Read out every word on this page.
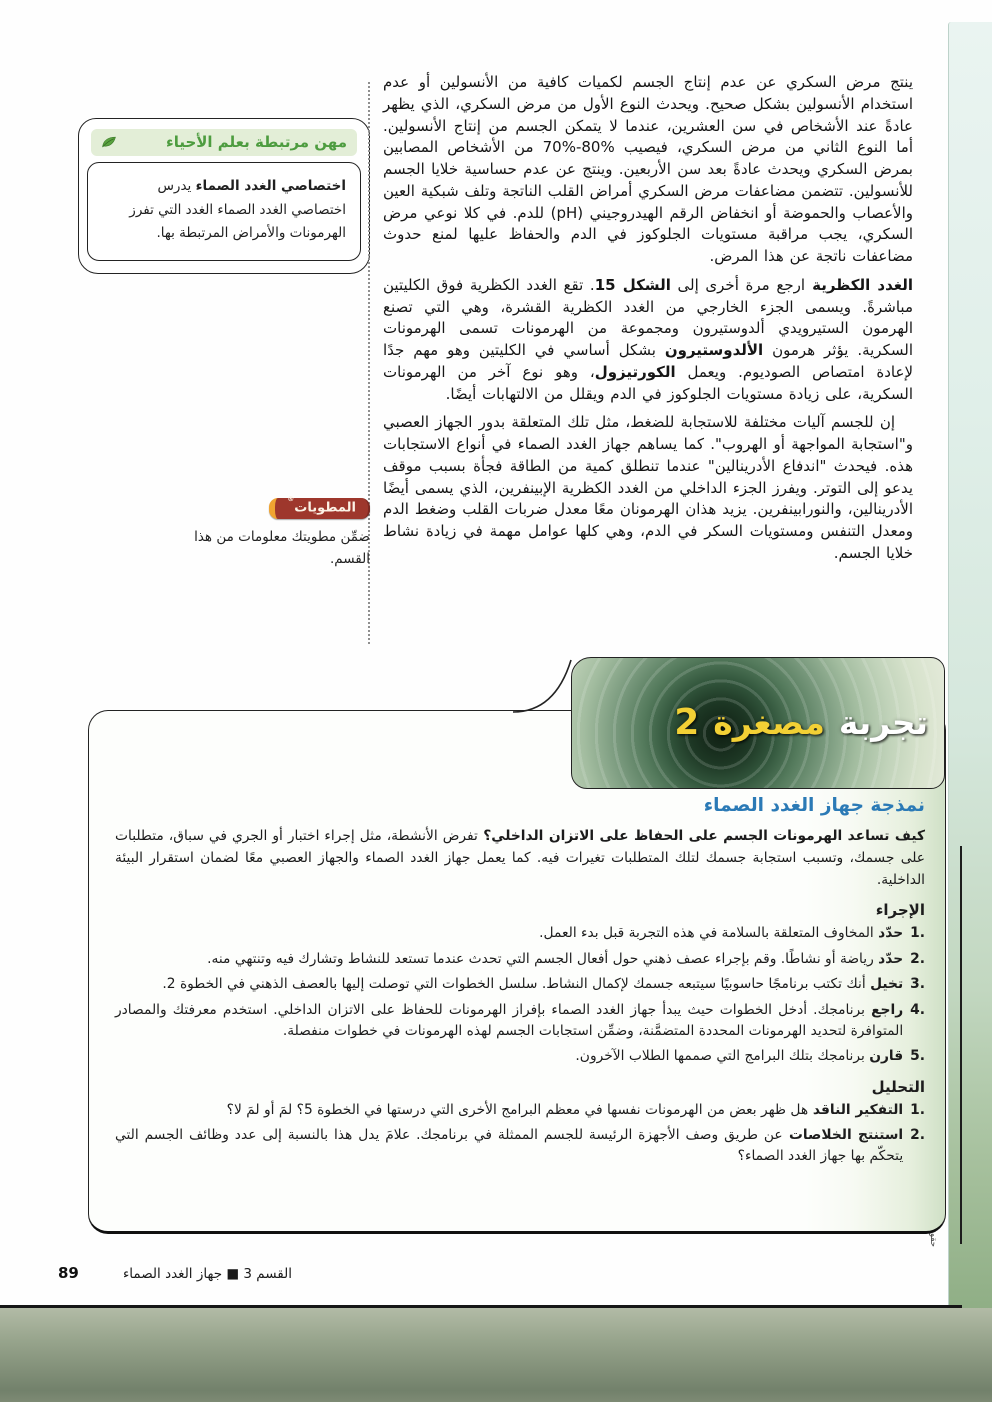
مهن مرتبطة بعلم الأحياء
اختصاصي الغدد الصماء يدرس اختصاصي الغدد الصماء الغدد التي تفرز الهرمونات والأمراض المرتبطة بها.

ينتج مرض السكري عن عدم إنتاج الجسم لكميات كافية من الأنسولين أو عدم استخدام الأنسولين بشكل صحيح. ويحدث النوع الأول من مرض السكري، الذي يظهر عادةً عند الأشخاص في سن العشرين، عندما لا يتمكن الجسم من إنتاج الأنسولين. أما النوع الثاني من مرض السكري، فيصيب 70%-80% من الأشخاص المصابين بمرض السكري ويحدث عادةً بعد سن الأربعين. وينتج عن عدم حساسية خلايا الجسم للأنسولين. تتضمن مضاعفات مرض السكري أمراض القلب الناتجة وتلف شبكية العين والأعصاب والحموضة أو انخفاض الرقم الهيدروجيني (pH) للدم. في كلا نوعي مرض السكري، يجب مراقبة مستويات الجلوكوز في الدم والحفاظ عليها لمنع حدوث مضاعفات ناتجة عن هذا المرض.

الغدد الكظرية ارجع مرة أخرى إلى الشكل 15. تقع الغدد الكظرية فوق الكليتين مباشرةً. ويسمى الجزء الخارجي من الغدد الكظرية القشرة، وهي التي تصنع الهرمون الستيرويدي ألدوستيرون ومجموعة من الهرمونات تسمى الهرمونات السكرية. يؤثر هرمون الألدوستيرون بشكل أساسي في الكليتين وهو مهم جدًا لإعادة امتصاص الصوديوم. ويعمل الكورتيزول، وهو نوع آخر من الهرمونات السكرية، على زيادة مستويات الجلوكوز في الدم ويقلل من الالتهابات أيضًا.

إن للجسم آليات مختلفة للاستجابة للضغط، مثل تلك المتعلقة بدور الجهاز العصبي و"استجابة المواجهة أو الهروب". كما يساهم جهاز الغدد الصماء في أنواع الاستجابات هذه. فيحدث "اندفاع الأدرينالين" عندما تنطلق كمية من الطاقة فجأة بسبب موقف يدعو إلى التوتر. ويفرز الجزء الداخلي من الغدد الكظرية الإبينفرين، الذي يسمى أيضًا الأدرينالين، والنورابينفرين. يزيد هذان الهرمونان معًا معدل ضربات القلب وضغط الدم ومعدل التنفس ومستويات السكر في الدم، وهي كلها عوامل مهمة في زيادة نشاط خلايا الجسم.

المطويات®
ضمِّن مطويتك معلومات من هذا القسم.
تجربة
مصغرة
2
نمذجة جهاز الغدد الصماء

كيف تساعد الهرمونات الجسم على الحفاظ على الاتزان الداخلي؟ تفرض الأنشطة، مثل إجراء اختبار أو الجري في سباق، متطلبات على جسمك، وتسبب استجابة جسمك لتلك المتطلبات تغيرات فيه. كما يعمل جهاز الغدد الصماء والجهاز العصبي معًا لضمان استقرار البيئة الداخلية.

الإجراء
1.
حدّد المخاوف المتعلقة بالسلامة في هذه التجربة قبل بدء العمل.
2.
حدّد رياضة أو نشاطًا. وقم بإجراء عصف ذهني حول أفعال الجسم التي تحدث عندما تستعد للنشاط وتشارك فيه وتنتهي منه.
3.
تخيل أنك تكتب برنامجًا حاسوبيًا سيتبعه جسمك لإكمال النشاط. سلسل الخطوات التي توصلت إليها بالعصف الذهني في الخطوة 2.
4.
راجع برنامجك. أدخل الخطوات حيث يبدأ جهاز الغدد الصماء بإفراز الهرمونات للحفاظ على الاتزان الداخلي. استخدم معرفتك والمصادر المتوافرة لتحديد الهرمونات المحددة المتضمَّنة، وضمِّن استجابات الجسم لهذه الهرمونات في خطوات منفصلة.
5.
قارن برنامجك بتلك البرامج التي صممها الطلاب الآخرون.
التحليل
1.
التفكير الناقد هل ظهر بعض من الهرمونات نفسها في معظم البرامج الأخرى التي درستها في الخطوة 5؟ لمَ أو لمَ لا؟
2.
استنتج الخلاصات عن طريق وصف الأجهزة الرئيسة للجسم الممثلة في برنامجك. علامَ يدل هذا بالنسبة إلى عدد وظائف الجسم التي يتحكّم بها جهاز الغدد الصماء؟
القسم 3 ■ جهاز الغدد الصماء
89
